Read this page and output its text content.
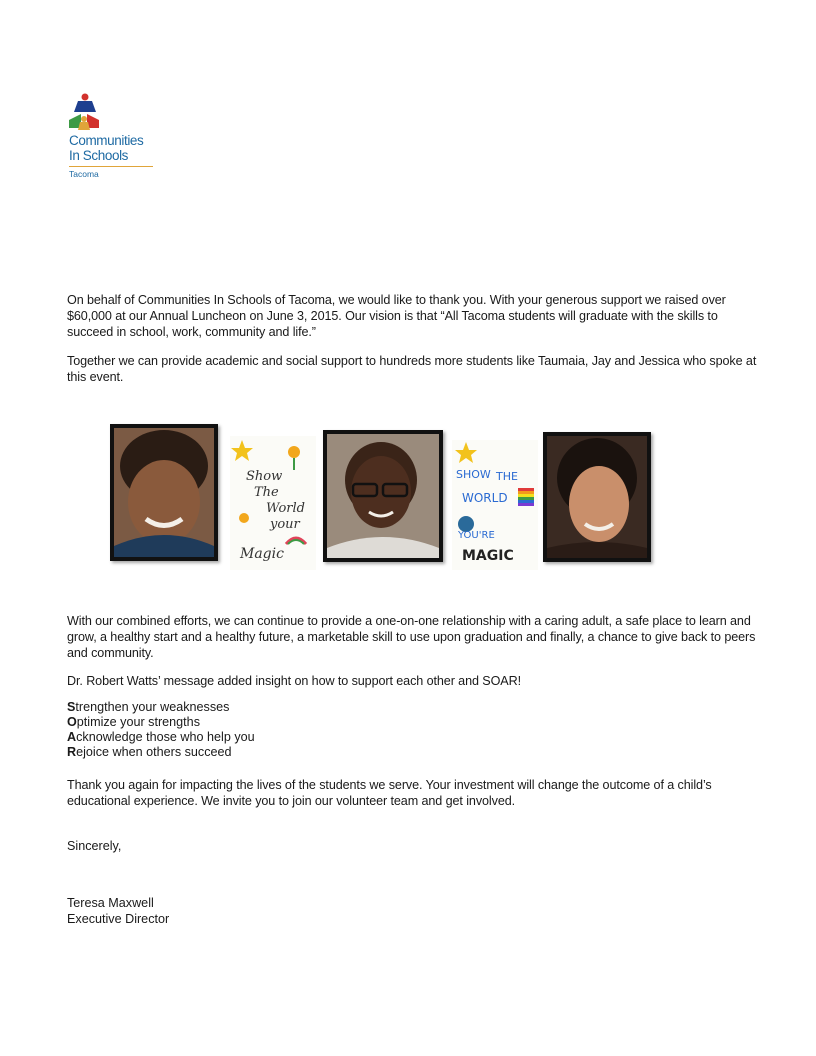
Communities
In Schools
Tacoma
On behalf of Communities In Schools of Tacoma, we would like to thank you. With your generous support we raised over $60,000 at our Annual Luncheon on June 3, 2015. Our vision is that “All Tacoma students will graduate with the skills to succeed in school, work, community and life.”
Together we can provide academic and social support to hundreds more students like Taumaia, Jay and Jessica who spoke at this event.
Show
The
World
your
Magic
SHOW THE
WORLD
YOU'RE
MAGIC
With our combined efforts, we can continue to provide a one-on-one relationship with a caring adult, a safe place to learn and grow, a healthy start and a healthy future, a marketable skill to use upon graduation and finally, a chance to give back to peers and community.
Dr. Robert Watts’ message added insight on how to support each other and SOAR!
Strengthen your weaknesses
Optimize your strengths
Acknowledge those who help you
Rejoice when others succeed
Thank you again for impacting the lives of the students we serve. Your investment will change the outcome of a child’s educational experience. We invite you to join our volunteer team and get involved.
Sincerely,
Teresa Maxwell
Executive Director
